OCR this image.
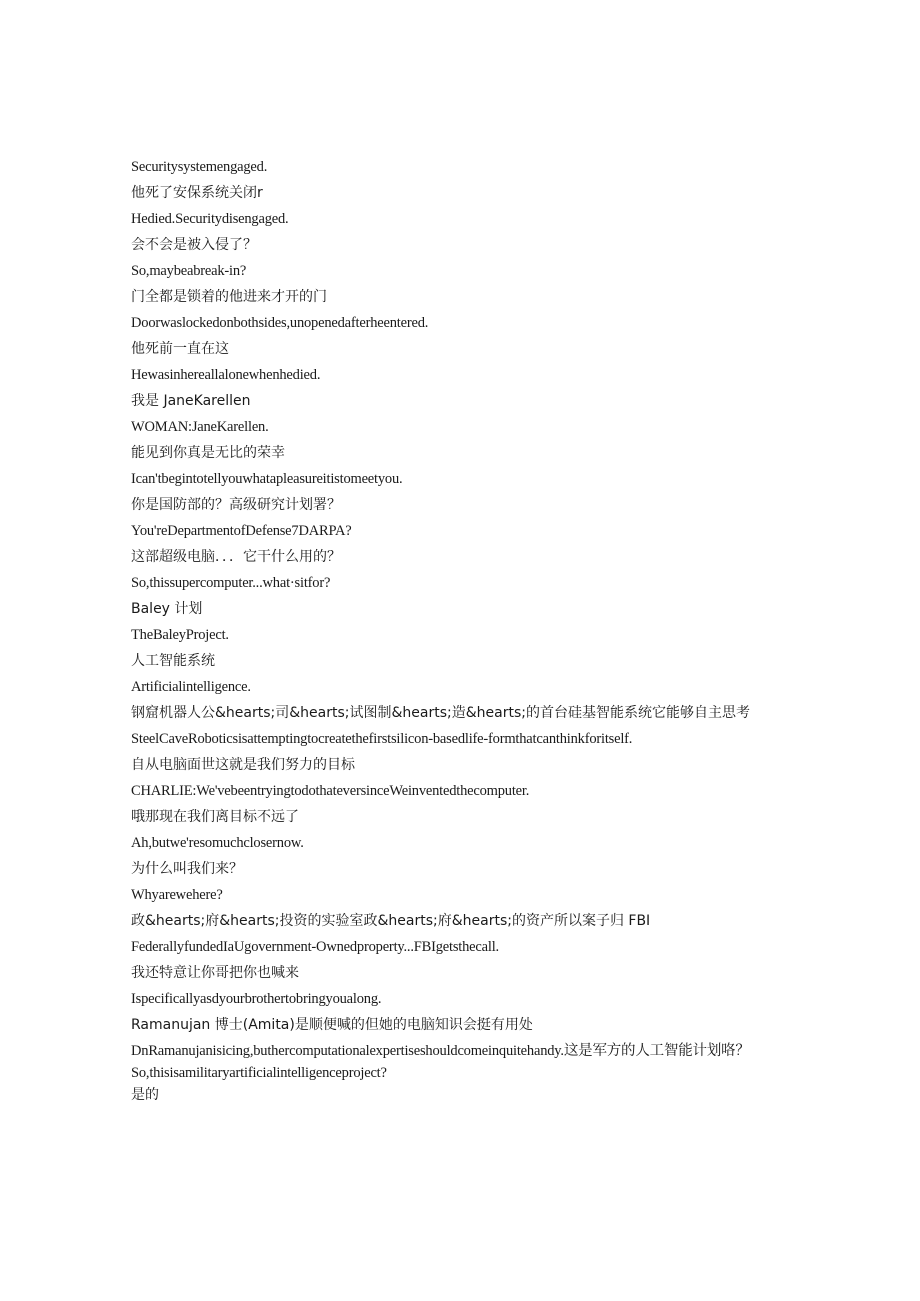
Securitysystemengaged.
他死了安保系统关闭r
Hedied.Securitydisengaged.
会不会是被入侵了？
So,maybeabreak-in?
门全都是锁着的他进来才开的门
Doorwaslockedonbothsides,unopenedafterheentered.
他死前一直在这
Hewasinhereallalonewhenhedied.
我是 JaneKarellen
WOMAN:JaneKarellen.
能见到你真是无比的荣幸
Ican'tbegintotellyouwhatapleasureitistomeetyou.
你是国防部的？高级研究计划署？
You'reDepartmentofDefense7DARPA?
这部超级电脑．．．它干什么用的？
So,thissupercomputer...what·sitfor?
Baley 计划
TheBaleyProject.
人工智能系统
Artificialintelligence.
钢窟机器人公&hearts;司&hearts;试图制&hearts;造&hearts;的首台硅基智能系统它能够自主思考
SteelCaveRoboticsisattemptingtocreatethefirstsilicon-basedlife-formthatcanthinkforitself.
自从电脑面世这就是我们努力的目标
CHARLIE:We'vebeentryingtodothateversinceWeinventedthecomputer.
哦那现在我们离目标不远了
Ah,butwe'resomuchclosernow.
为什么叫我们来？
Whyarewehere?
政&hearts;府&hearts;投资的实验室政&hearts;府&hearts;的资产所以案子归 FBI
FederallyfundedIaUgovernment-Ownedproperty...FBIgetsthecall.
我还特意让你哥把你也喊来
Ispecificallyasdyourbrothertobringyoualong.
Ramanujan 博士(Amita)是顺便喊的但她的电脑知识会挺有用处
DnRamanujanisicing,buthercomputationalexpertiseshouldcomeinquitehandy.这是军方的人工智能计划咯？
So,thisisamilitaryartificialintelligenceproject?
是的
